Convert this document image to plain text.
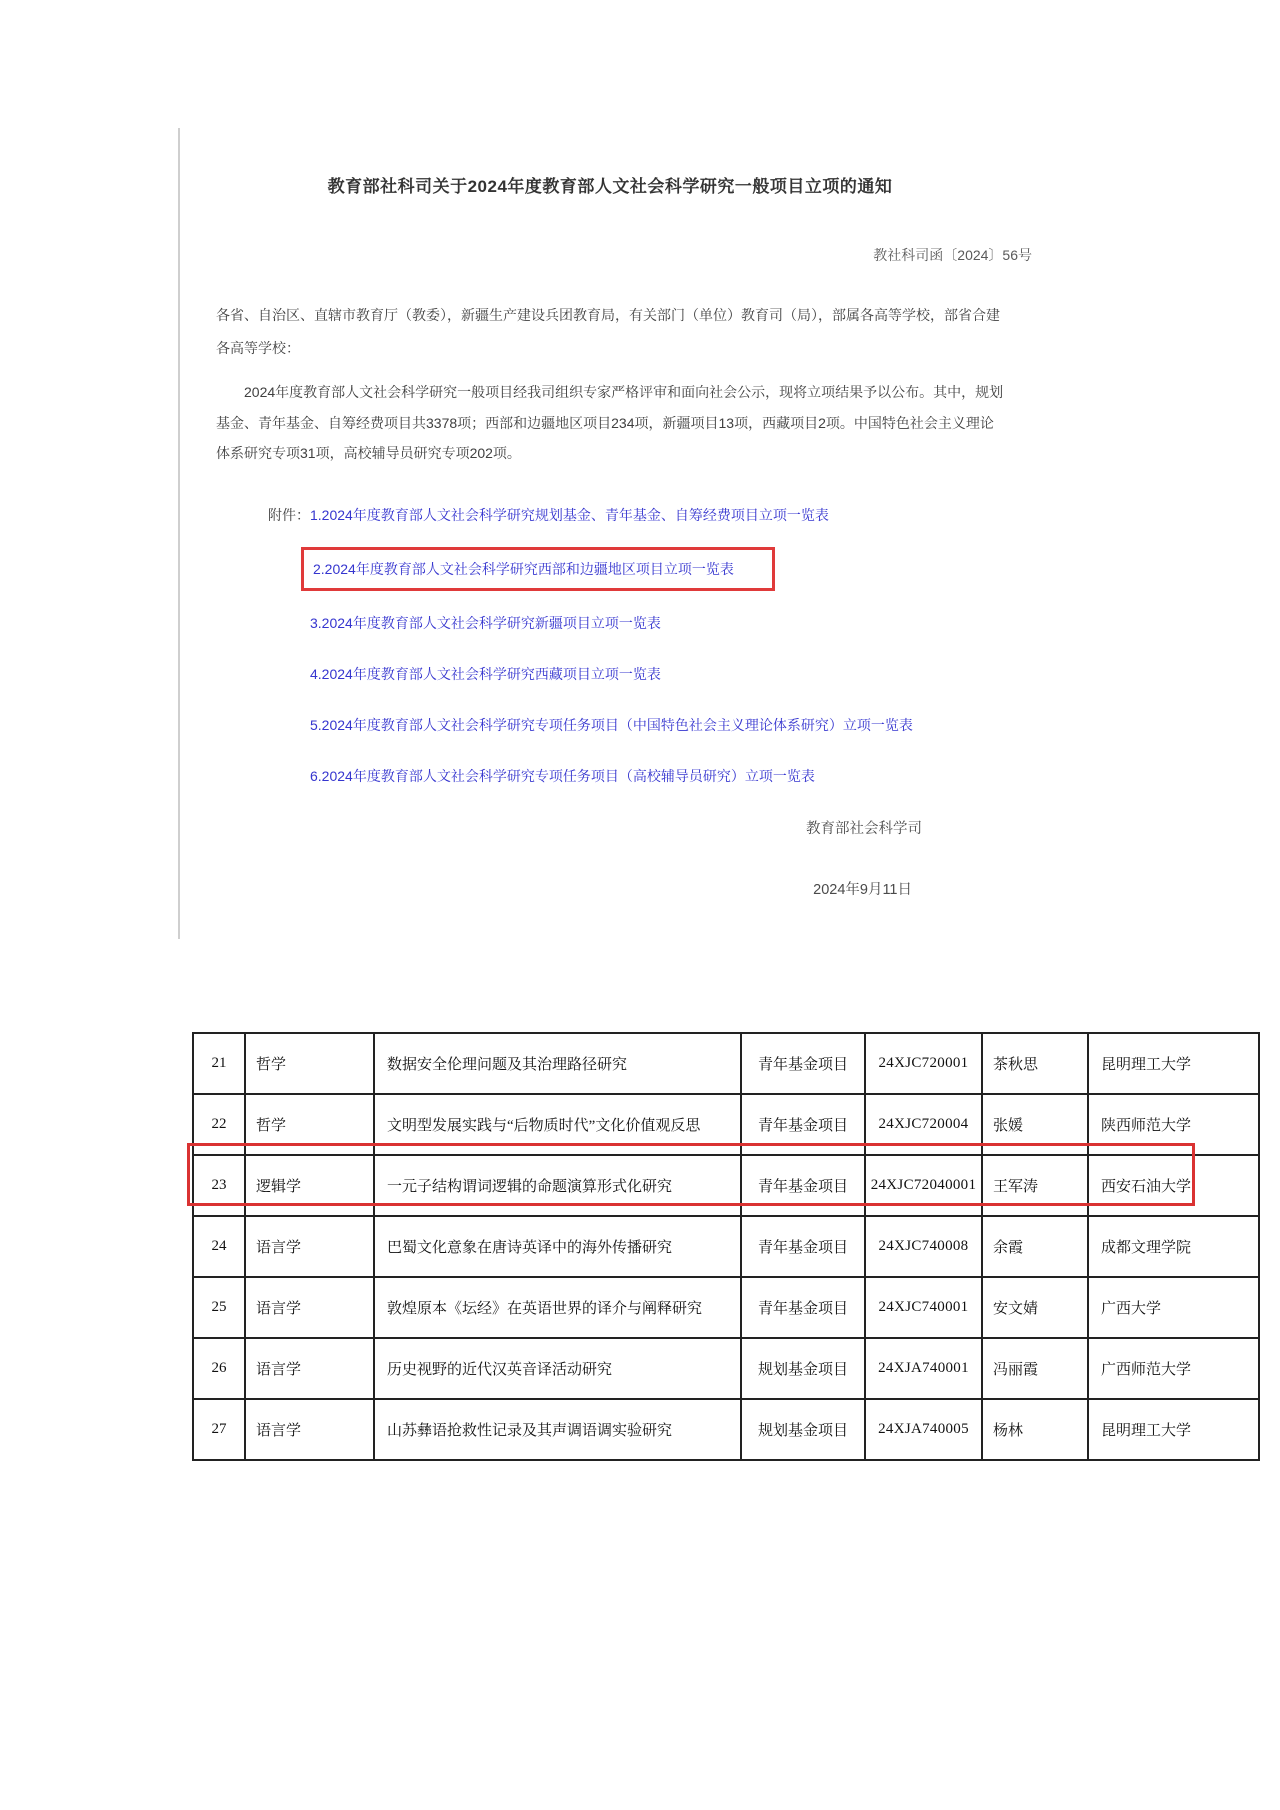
教育部社科司关于2024年度教育部人文社会科学研究一般项目立项的通知
教社科司函〔2024〕56号
各省、自治区、直辖市教育厅（教委），新疆生产建设兵团教育局，有关部门（单位）教育司（局），部属各高等学校，部省合建各高等学校：
2024年度教育部人文社会科学研究一般项目经我司组织专家严格评审和面向社会公示，现将立项结果予以公布。其中，规划基金、青年基金、自筹经费项目共3378项；西部和边疆地区项目234项，新疆项目13项，西藏项目2项。中国特色社会主义理论体系研究专项31项，高校辅导员研究专项202项。
附件：1.2024年度教育部人文社会科学研究规划基金、青年基金、自筹经费项目立项一览表
2.2024年度教育部人文社会科学研究西部和边疆地区项目立项一览表
3.2024年度教育部人文社会科学研究新疆项目立项一览表
4.2024年度教育部人文社会科学研究西藏项目立项一览表
5.2024年度教育部人文社会科学研究专项任务项目（中国特色社会主义理论体系研究）立项一览表
6.2024年度教育部人文社会科学研究专项任务项目（高校辅导员研究）立项一览表
教育部社会科学司
2024年9月11日
21	哲学	数据安全伦理问题及其治理路径研究	青年基金项目	24XJC720001	茶秋思	昆明理工大学
22	哲学	文明型发展实践与“后物质时代”文化价值观反思	青年基金项目	24XJC720004	张媛	陕西师范大学
23	逻辑学	一元子结构谓词逻辑的命题演算形式化研究	青年基金项目	24XJC72040001	王军涛	西安石油大学
24	语言学	巴蜀文化意象在唐诗英译中的海外传播研究	青年基金项目	24XJC740008	余霞	成都文理学院
25	语言学	敦煌原本《坛经》在英语世界的译介与阐释研究	青年基金项目	24XJC740001	安文婧	广西大学
26	语言学	历史视野的近代汉英音译活动研究	规划基金项目	24XJA740001	冯丽霞	广西师范大学
27	语言学	山苏彝语抢救性记录及其声调语调实验研究	规划基金项目	24XJA740005	杨林	昆明理工大学
